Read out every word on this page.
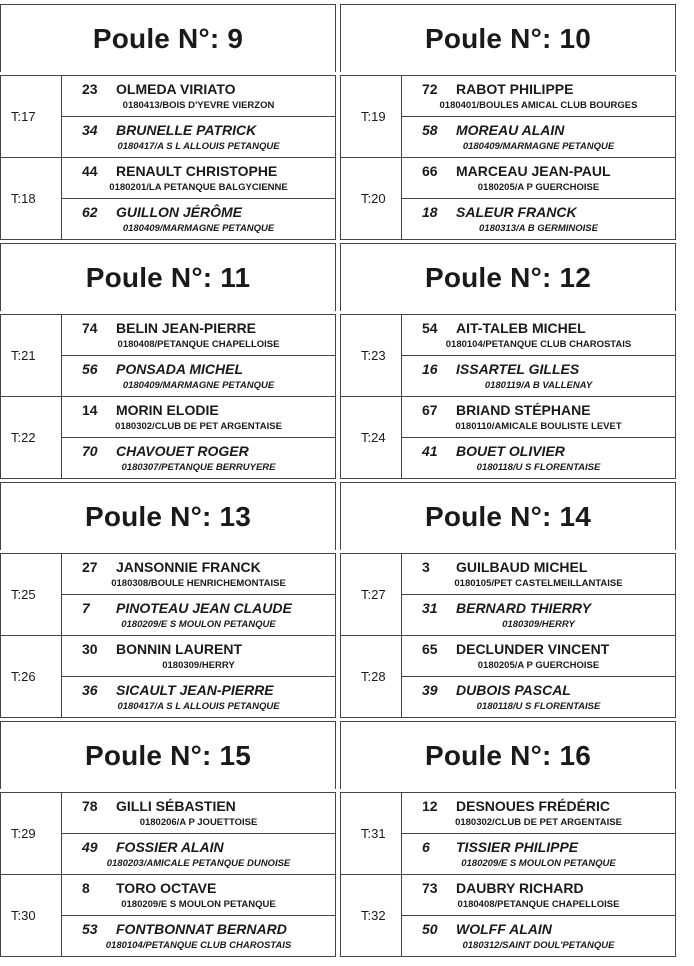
Poule N°: 9
T:17
23 OLMEDA VIRIATO
0180413/BOIS D'YEVRE VIERZON
34 BRUNELLE PATRICK
0180417/A S L ALLOUIS PETANQUE
T:18
44 RENAULT CHRISTOPHE
0180201/LA PETANQUE BALGYCIENNE
62 GUILLON JÉRÔME
0180409/MARMAGNE PETANQUE
Poule N°: 10
T:19
72 RABOT PHILIPPE
0180401/BOULES AMICAL CLUB BOURGES
58 MOREAU ALAIN
0180409/MARMAGNE PETANQUE
T:20
66 MARCEAU JEAN-PAUL
0180205/A P GUERCHOISE
18 SALEUR FRANCK
0180313/A B GERMINOISE
Poule N°: 11
T:21
74 BELIN JEAN-PIERRE
0180408/PETANQUE CHAPELLOISE
56 PONSADA MICHEL
0180409/MARMAGNE PETANQUE
T:22
14 MORIN ELODIE
0180302/CLUB DE PET ARGENTAISE
70 CHAVOUET ROGER
0180307/PETANQUE BERRUYERE
Poule N°: 12
T:23
54 AIT-TALEB MICHEL
0180104/PETANQUE CLUB CHAROSTAIS
16 ISSARTEL GILLES
0180119/A B VALLENAY
T:24
67 BRIAND STÉPHANE
0180110/AMICALE BOULISTE LEVET
41 BOUET OLIVIER
0180118/U S FLORENTAISE
Poule N°: 13
T:25
27 JANSONNIE FRANCK
0180308/BOULE HENRICHEMONTAISE
7 PINOTEAU JEAN CLAUDE
0180209/E S MOULON PETANQUE
T:26
30 BONNIN LAURENT
0180309/HERRY
36 SICAULT JEAN-PIERRE
0180417/A S L ALLOUIS PETANQUE
Poule N°: 14
T:27
3 GUILBAUD MICHEL
0180105/PET CASTELMEILLANTAISE
31 BERNARD THIERRY
0180309/HERRY
T:28
65 DECLUNDER VINCENT
0180205/A P GUERCHOISE
39 DUBOIS PASCAL
0180118/U S FLORENTAISE
Poule N°: 15
T:29
78 GILLI SÉBASTIEN
0180206/A P JOUETTOISE
49 FOSSIER ALAIN
0180203/AMICALE PETANQUE DUNOISE
T:30
8 TORO OCTAVE
0180209/E S MOULON PETANQUE
53 FONTBONNAT BERNARD
0180104/PETANQUE CLUB CHAROSTAIS
Poule N°: 16
T:31
12 DESNOUES FRÉDÉRIC
0180302/CLUB DE PET ARGENTAISE
6 TISSIER PHILIPPE
0180209/E S MOULON PETANQUE
T:32
73 DAUBRY RICHARD
0180408/PETANQUE CHAPELLOISE
50 WOLFF ALAIN
0180312/SAINT DOUL'PETANQUE
